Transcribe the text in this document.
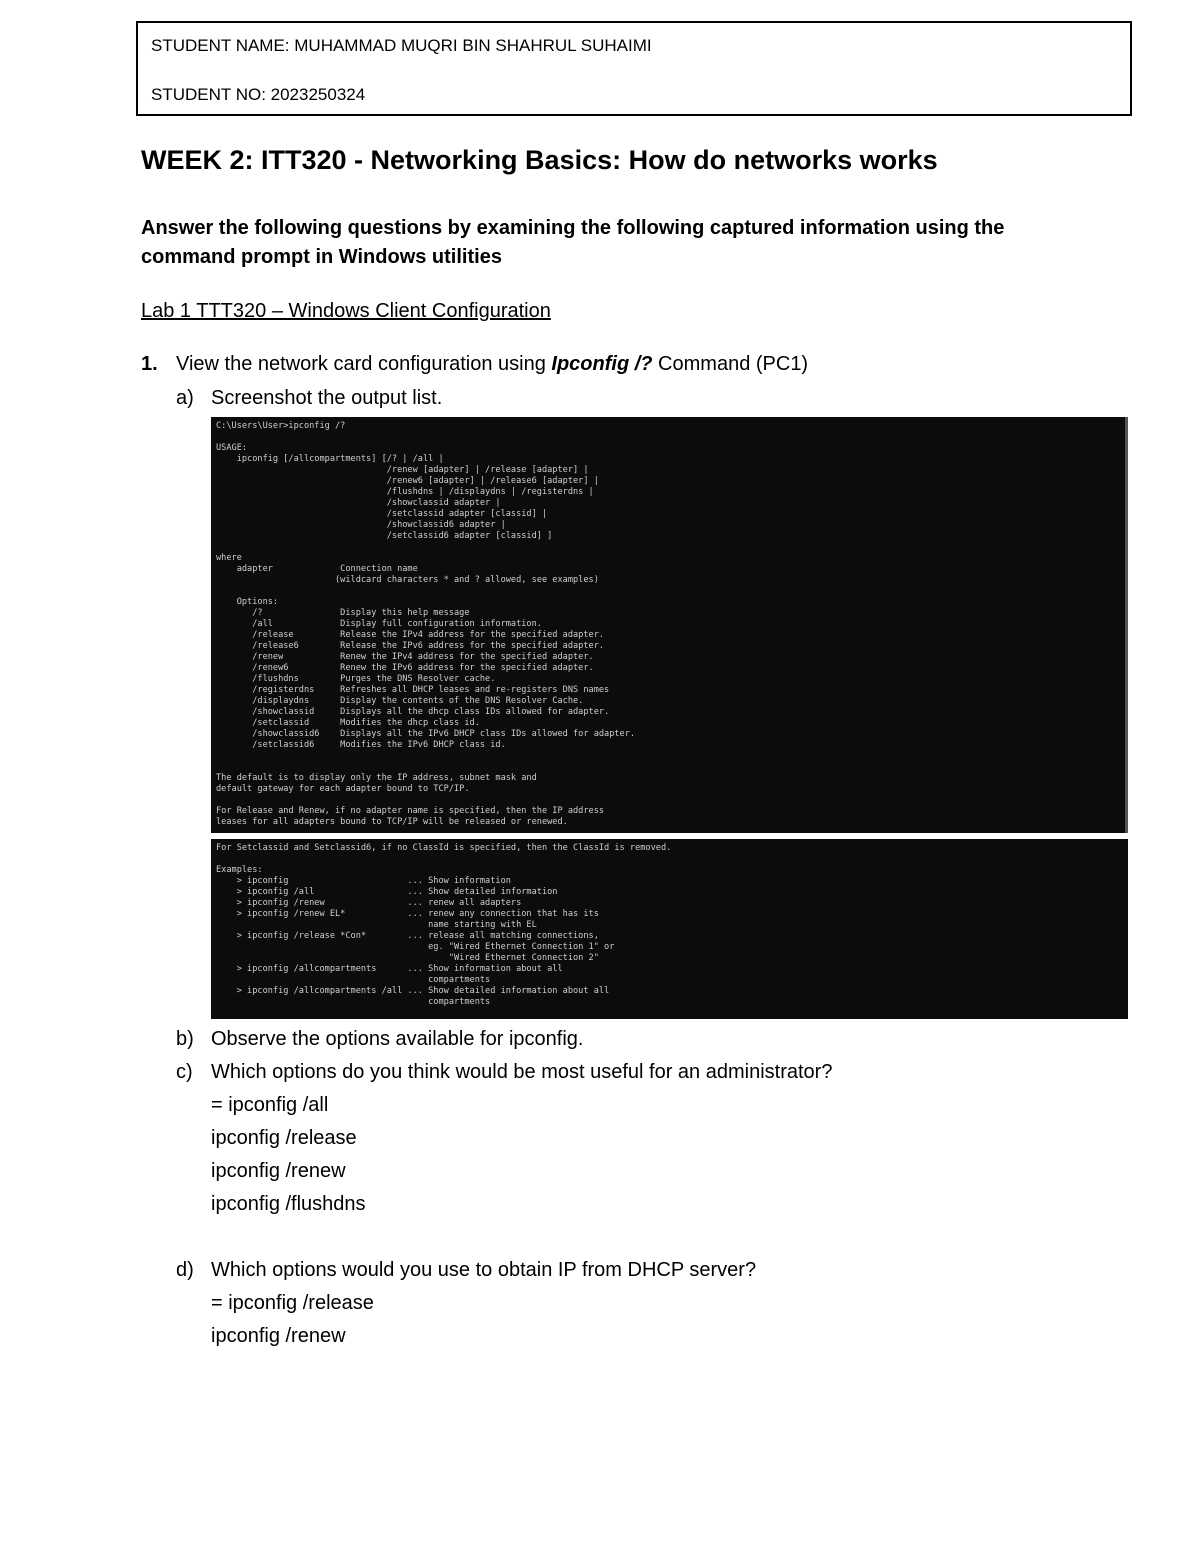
STUDENT NAME: MUHAMMAD MUQRI BIN SHAHRUL SUHAIMI
STUDENT NO: 2023250324
WEEK 2: ITT320 - Networking Basics: How do networks works
Answer the following questions by examining the following captured information using the command prompt in Windows utilities
Lab 1 TTT320 – Windows Client Configuration
1. View the network card configuration using Ipconfig /? Command (PC1)
a) Screenshot the output list.
C:\Users\User>ipconfig /?

USAGE:
ipconfig [/allcompartments] [/? | /all |
/renew [adapter] | /release [adapter] |
/renew6 [adapter] | /release6 [adapter] |
/flushdns | /displaydns | /registerdns |
/showclassid adapter |
/setclassid adapter [classid] |
/showclassid6 adapter |
/setclassid6 adapter [classid] ]

where
adapter             Connection name
(wildcard characters * and ? allowed, see examples)

Options:
/?               Display this help message
/all             Display full configuration information.
/release         Release the IPv4 address for the specified adapter.
/release6        Release the IPv6 address for the specified adapter.
/renew           Renew the IPv4 address for the specified adapter.
/renew6          Renew the IPv6 address for the specified adapter.
/flushdns        Purges the DNS Resolver cache.
/registerdns     Refreshes all DHCP leases and re-registers DNS names
/displaydns      Display the contents of the DNS Resolver Cache.
/showclassid     Displays all the dhcp class IDs allowed for adapter.
/setclassid      Modifies the dhcp class id.
/showclassid6    Displays all the IPv6 DHCP class IDs allowed for adapter.
/setclassid6     Modifies the IPv6 DHCP class id.

The default is to display only the IP address, subnet mask and
default gateway for each adapter bound to TCP/IP.

For Release and Renew, if no adapter name is specified, then the IP address
leases for all adapters bound to TCP/IP will be released or renewed.
For Setclassid and Setclassid6, if no ClassId is specified, then the ClassId is removed.

Examples:
> ipconfig                       ... Show information
> ipconfig /all                  ... Show detailed information
> ipconfig /renew                ... renew all adapters
> ipconfig /renew EL*            ... renew any connection that has its
name starting with EL
> ipconfig /release *Con*        ... release all matching connections,
eg. "Wired Ethernet Connection 1" or
"Wired Ethernet Connection 2"
> ipconfig /allcompartments      ... Show information about all
compartments
> ipconfig /allcompartments /all ... Show detailed information about all
compartments
b) Observe the options available for ipconfig.
c) Which options do you think would be most useful for an administrator?
= ipconfig /all
ipconfig /release
ipconfig /renew
ipconfig /flushdns
d) Which options would you use to obtain IP from DHCP server?
= ipconfig /release
ipconfig /renew
